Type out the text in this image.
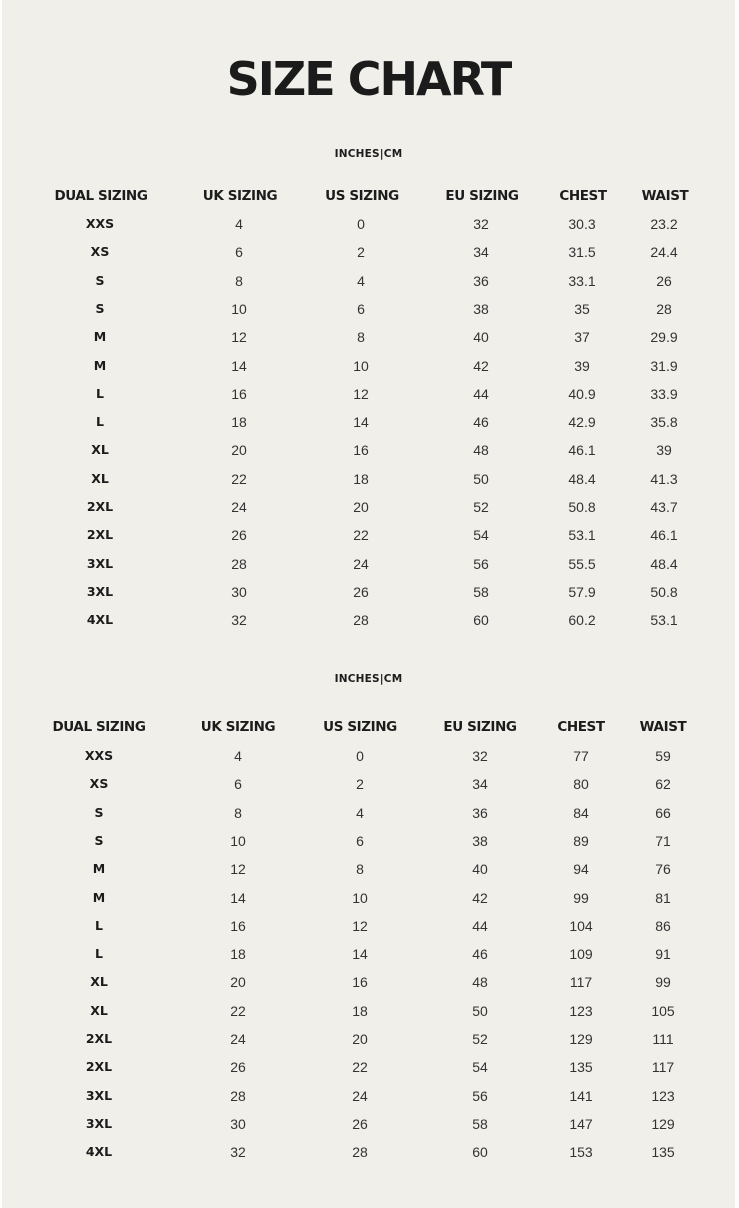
SIZE CHART
INCHES|CM
DUAL SIZING	UK SIZING	US SIZING	EU SIZING	CHEST	WAIST
XXS	4	0	32	30.3	23.2
XS	6	2	34	31.5	24.4
S	8	4	36	33.1	26
S	10	6	38	35	28
M	12	8	40	37	29.9
M	14	10	42	39	31.9
L	16	12	44	40.9	33.9
L	18	14	46	42.9	35.8
XL	20	16	48	46.1	39
XL	22	18	50	48.4	41.3
2XL	24	20	52	50.8	43.7
2XL	26	22	54	53.1	46.1
3XL	28	24	56	55.5	48.4
3XL	30	26	58	57.9	50.8
4XL	32	28	60	60.2	53.1
INCHES|CM
DUAL SIZING	UK SIZING	US SIZING	EU SIZING	CHEST	WAIST
XXS	4	0	32	77	59
XS	6	2	34	80	62
S	8	4	36	84	66
S	10	6	38	89	71
M	12	8	40	94	76
M	14	10	42	99	81
L	16	12	44	104	86
L	18	14	46	109	91
XL	20	16	48	117	99
XL	22	18	50	123	105
2XL	24	20	52	129	111
2XL	26	22	54	135	117
3XL	28	24	56	141	123
3XL	30	26	58	147	129
4XL	32	28	60	153	135
